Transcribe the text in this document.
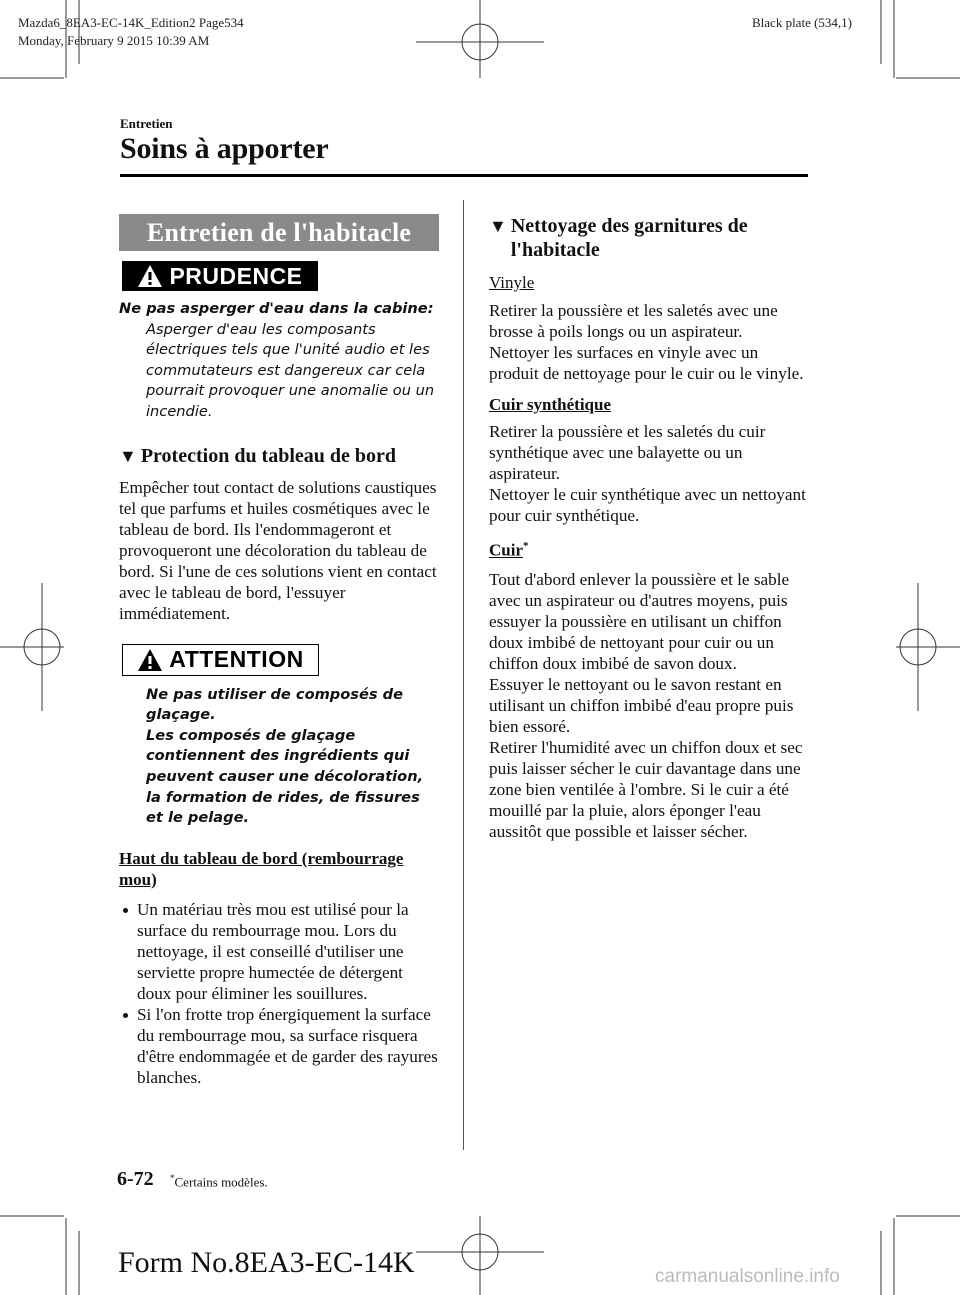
Mazda6_8EA3-EC-14K_Edition2 Page534
Monday, February 9 2015 10:39 AM
Black plate (534,1)
Entretien
Soins à apporter
Entretien de l'habitacle
PRUDENCE
Ne pas asperger d'eau dans la cabine:
Asperger d'eau les composants électriques tels que l'unité audio et les commutateurs est dangereux car cela pourrait provoquer une anomalie ou un incendie.
▼ Protection du tableau de bord
Empêcher tout contact de solutions caustiques tel que parfums et huiles cosmétiques avec le tableau de bord. Ils l'endommageront et provoqueront une décoloration du tableau de bord. Si l'une de ces solutions vient en contact avec le tableau de bord, l'essuyer immédiatement.
ATTENTION
Ne pas utiliser de composés de glaçage.
Les composés de glaçage contiennent des ingrédients qui peuvent causer une décoloration, la formation de rides, de fissures et le pelage.
Haut du tableau de bord (rembourrage mou)
Un matériau très mou est utilisé pour la surface du rembourrage mou. Lors du nettoyage, il est conseillé d'utiliser une serviette propre humectée de détergent doux pour éliminer les souillures.
Si l'on frotte trop énergiquement la surface du rembourrage mou, sa surface risquera d'être endommagée et de garder des rayures blanches.
▼ Nettoyage des garnitures de l'habitacle
Vinyle
Retirer la poussière et les saletés avec une brosse à poils longs ou un aspirateur.
Nettoyer les surfaces en vinyle avec un produit de nettoyage pour le cuir ou le vinyle.
Cuir synthétique
Retirer la poussière et les saletés du cuir synthétique avec une balayette ou un aspirateur.
Nettoyer le cuir synthétique avec un nettoyant pour cuir synthétique.
Cuir*
Tout d'abord enlever la poussière et le sable avec un aspirateur ou d'autres moyens, puis essuyer la poussière en utilisant un chiffon doux imbibé de nettoyant pour cuir ou un chiffon doux imbibé de savon doux.
Essuyer le nettoyant ou le savon restant en utilisant un chiffon imbibé d'eau propre puis bien essoré.
Retirer l'humidité avec un chiffon doux et sec puis laisser sécher le cuir davantage dans une zone bien ventilée à l'ombre. Si le cuir a été mouillé par la pluie, alors éponger l'eau aussitôt que possible et laisser sécher.
6-72 *Certains modèles.
Form No.8EA3-EC-14K	carmanualsonline.info
